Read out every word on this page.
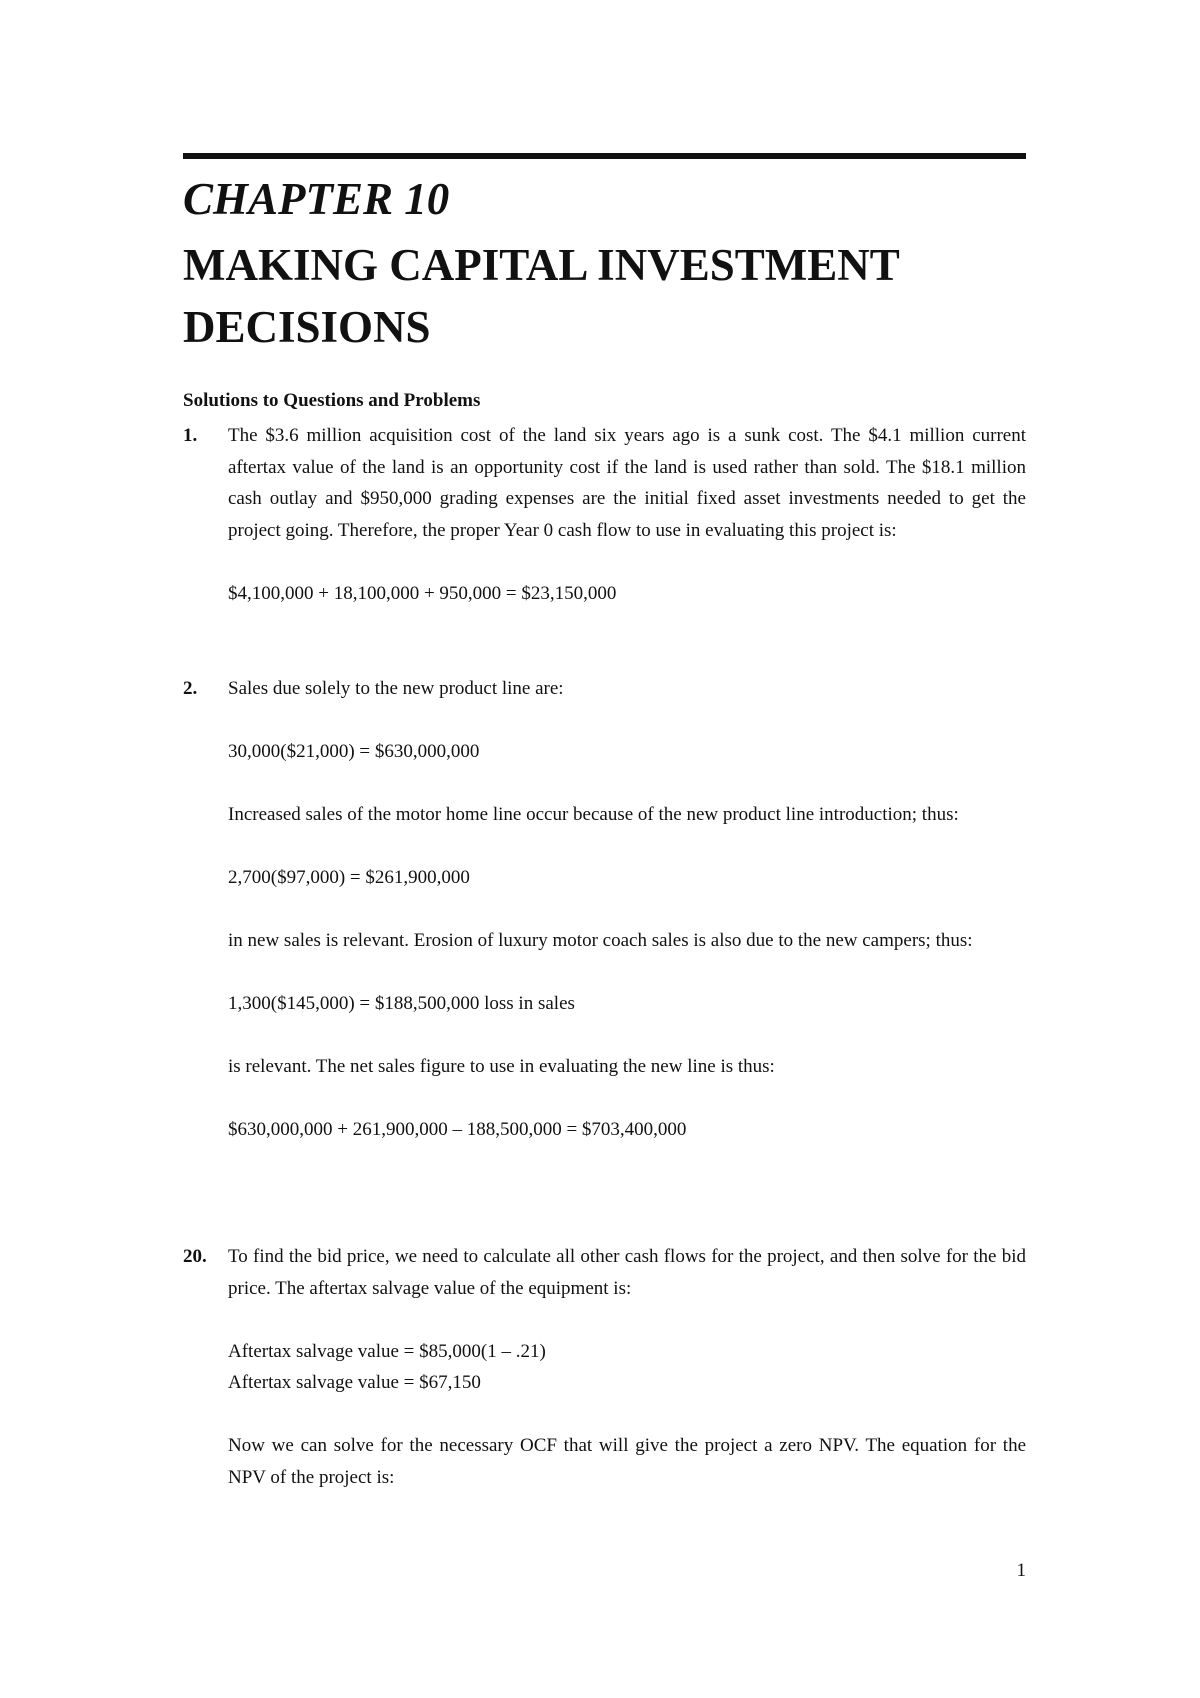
CHAPTER 10
MAKING CAPITAL INVESTMENT
DECISIONS
Solutions to Questions and Problems
1. The $3.6 million acquisition cost of the land six years ago is a sunk cost. The $4.1 million current aftertax value of the land is an opportunity cost if the land is used rather than sold. The $18.1 million cash outlay and $950,000 grading expenses are the initial fixed asset investments needed to get the project going. Therefore, the proper Year 0 cash flow to use in evaluating this project is:

$4,100,000 + 18,100,000 + 950,000 = $23,150,000

2. Sales due solely to the new product line are:

30,000($21,000) = $630,000,000

Increased sales of the motor home line occur because of the new product line introduction; thus:

2,700($97,000) = $261,900,000

in new sales is relevant. Erosion of luxury motor coach sales is also due to the new campers; thus:

1,300($145,000) = $188,500,000 loss in sales

is relevant. The net sales figure to use in evaluating the new line is thus:

$630,000,000 + 261,900,000 – 188,500,000 = $703,400,000

20. To find the bid price, we need to calculate all other cash flows for the project, and then solve for the bid price. The aftertax salvage value of the equipment is:

Aftertax salvage value = $85,000(1 – .21)

Aftertax salvage value = $67,150

Now we can solve for the necessary OCF that will give the project a zero NPV. The equation for the NPV of the project is:

1
